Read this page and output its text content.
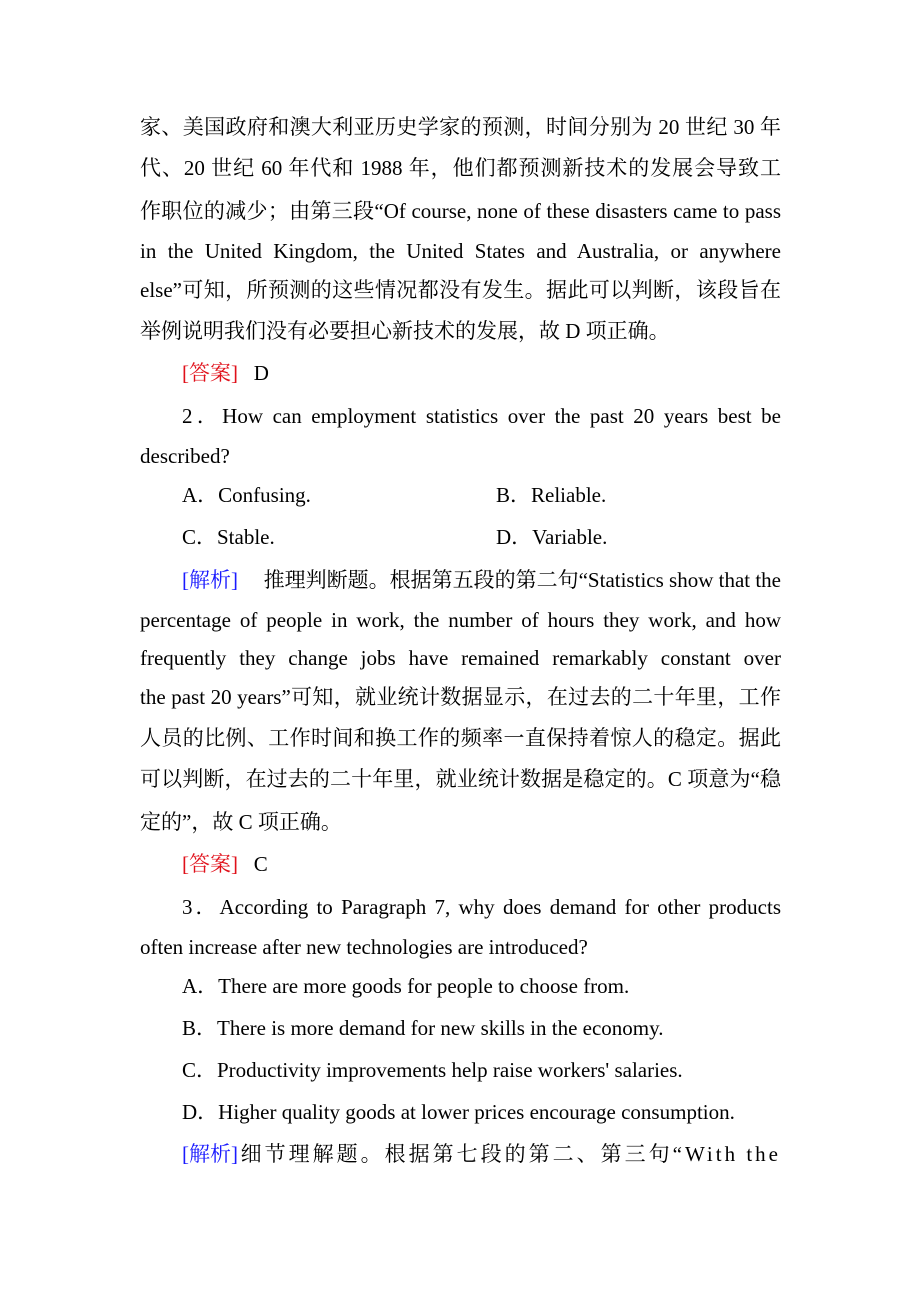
家、美国政府和澳大利亚历史学家的预测，时间分别为 20 世纪 30 年
代、20 世纪 60 年代和 1988 年，他们都预测新技术的发展会导致工
作职位的减少；由第三段“Of course, none of these disasters came to pass
in the United Kingdom, the United States and Australia, or anywhere
else”可知，所预测的这些情况都没有发生。据此可以判断，该段旨在
举例说明我们没有必要担心新技术的发展，故 D 项正确。
[答案] D
2．How can employment statistics over the past 20 years best be
described?
A．Confusing.	B．Reliable.
C．Stable.	D．Variable.
[解析] 推理判断题。根据第五段的第二句“Statistics show that the
percentage of people in work, the number of hours they work, and how
frequently they change jobs have remained remarkably constant over
the past 20 years”可知，就业统计数据显示，在过去的二十年里，工作
人员的比例、工作时间和换工作的频率一直保持着惊人的稳定。据此
可以判断，在过去的二十年里，就业统计数据是稳定的。C 项意为“稳
定的”，故 C 项正确。
[答案] C
3．According to Paragraph 7, why does demand for other products
often increase after new technologies are introduced?
A．There are more goods for people to choose from.
B．There is more demand for new skills in the economy.
C．Productivity improvements help raise workers' salaries.
D．Higher quality goods at lower prices encourage consumption.
[解析] 细节理解题。根据第七段的第二、第三句“With the
